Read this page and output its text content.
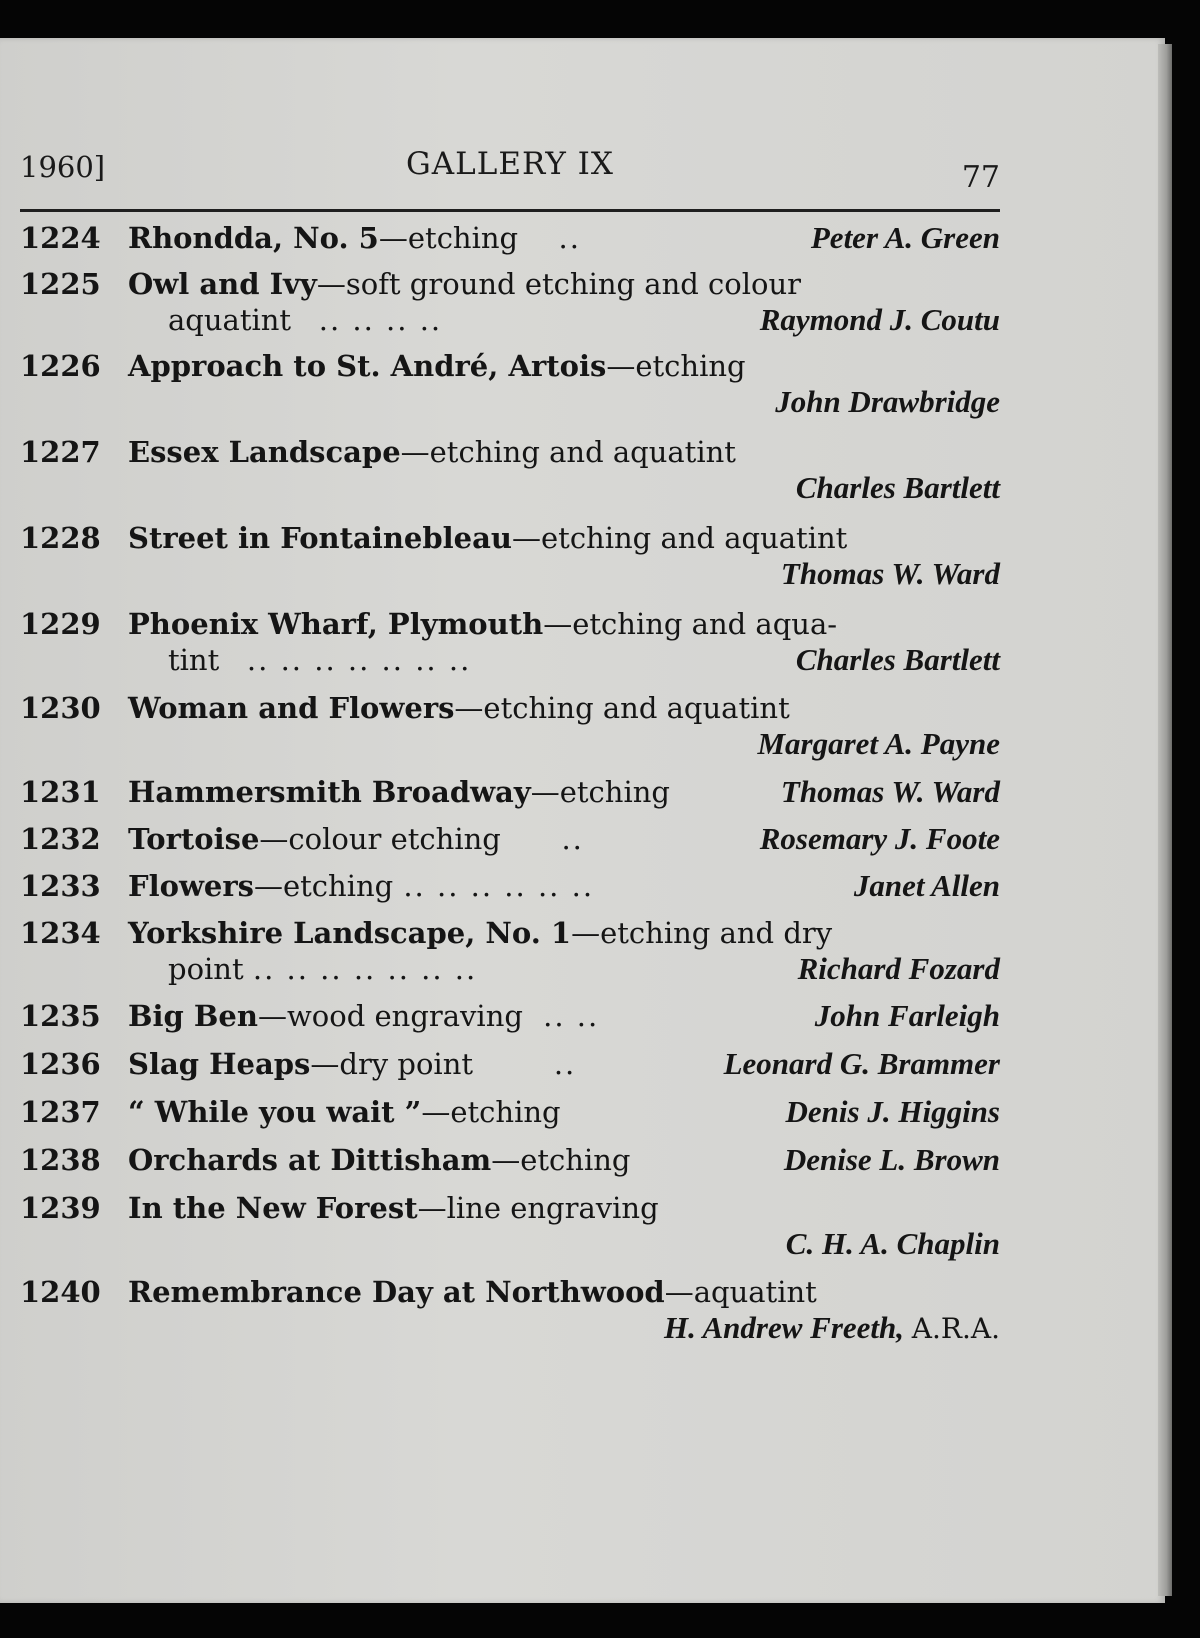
1960]	GALLERY IX	77
1224 Rhondda, No. 5—etching ..	Peter A. Green
1225 Owl and Ivy—soft ground etching and colour
aquatint .. .. .. ..	Raymond J. Coutu
1226 Approach to St. André, Artois—etching
John Drawbridge
1227 Essex Landscape—etching and aquatint
Charles Bartlett
1228 Street in Fontainebleau—etching and aquatint
Thomas W. Ward
1229 Phoenix Wharf, Plymouth—etching and aqua-
tint .. .. .. .. .. .. ..	Charles Bartlett
1230 Woman and Flowers—etching and aquatint
Margaret A. Payne
1231 Hammersmith Broadway—etching	Thomas W. Ward
1232 Tortoise—colour etching ..	Rosemary J. Foote
1233 Flowers—etching .. .. .. .. .. ..	Janet Allen
1234 Yorkshire Landscape, No. 1—etching and dry
point .. .. .. .. .. .. ..	Richard Fozard
1235 Big Ben—wood engraving .. ..	John Farleigh
1236 Slag Heaps—dry point	..	Leonard G. Brammer
1237 “ While you wait ”—etching	Denis J. Higgins
1238 Orchards at Dittisham—etching	Denise L. Brown
1239 In the New Forest—line engraving
C. H. A. Chaplin
1240 Remembrance Day at Northwood—aquatint
H. Andrew Freeth, A.R.A.
